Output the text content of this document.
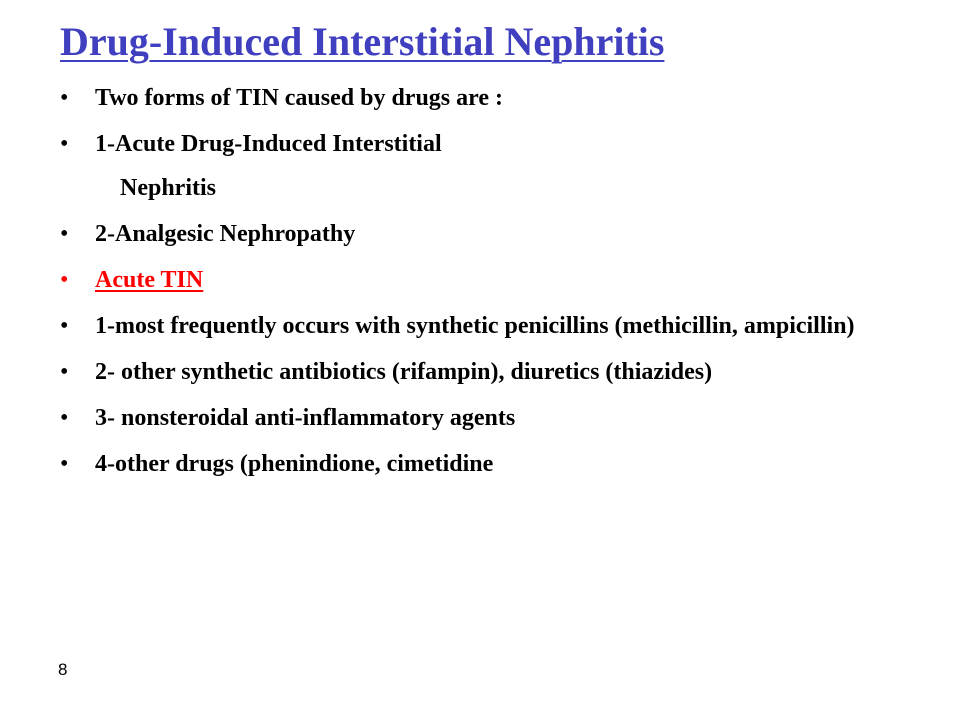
Drug-Induced Interstitial Nephritis
•	Two forms of TIN caused by drugs are :
•	1-Acute Drug-Induced Interstitial
Nephritis
•	2-Analgesic Nephropathy
•	Acute TIN
•	1-most frequently occurs with synthetic penicillins (methicillin, ampicillin)
•	2- other synthetic antibiotics (rifampin), diuretics (thiazides)
•	3- nonsteroidal anti-inflammatory agents
•	4-other drugs (phenindione, cimetidine
8
